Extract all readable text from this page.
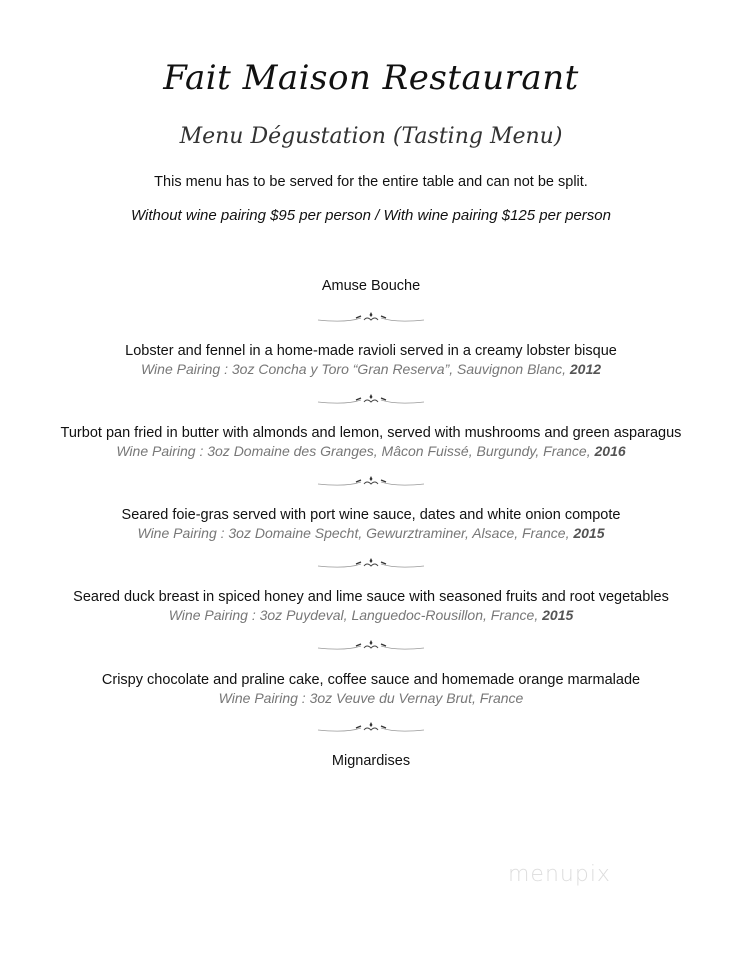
Fait Maison Restaurant
Menu Dégustation (Tasting Menu)
This menu has to be served for the entire table and can not be split.
Without wine pairing $95 per person / With wine pairing $125 per person
Amuse Bouche
Lobster and fennel in a home-made ravioli served in a creamy lobster bisque
Wine Pairing : 3oz Concha y Toro “Gran Reserva”, Sauvignon Blanc, 2012
Turbot pan fried in butter with almonds and lemon, served with mushrooms and green asparagus
Wine Pairing : 3oz Domaine des Granges, Mâcon Fuissé, Burgundy, France, 2016
Seared foie-gras served with port wine sauce, dates and white onion compote
Wine Pairing : 3oz Domaine Specht, Gewurztraminer, Alsace, France, 2015
Seared duck breast in spiced honey and lime sauce with seasoned fruits and root vegetables
Wine Pairing : 3oz Puydeval, Languedoc-Rousillon, France, 2015
Crispy chocolate and praline cake, coffee sauce and homemade orange marmalade
Wine Pairing : 3oz Veuve du Vernay Brut, France
Mignardises
menupix
